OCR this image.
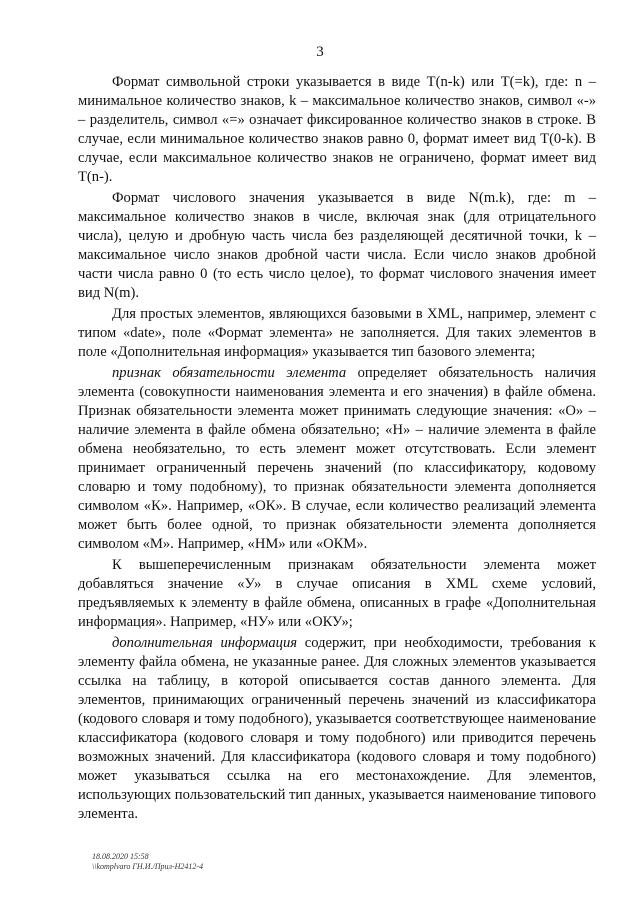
3

Формат символьной строки указывается в виде T(n-k) или T(=k), где: n – минимальное количество знаков, k – максимальное количество знаков, символ «-» – разделитель, символ «=» означает фиксированное количество знаков в строке. В случае, если минимальное количество знаков равно 0, формат имеет вид T(0-k). В случае, если максимальное количество знаков не ограничено, формат имеет вид T(n-).

Формат числового значения указывается в виде N(m.k), где: m – максимальное количество знаков в числе, включая знак (для отрицательного числа), целую и дробную часть числа без разделяющей десятичной точки, k – максимальное число знаков дробной части числа. Если число знаков дробной части числа равно 0 (то есть число целое), то формат числового значения имеет вид N(m).

Для простых элементов, являющихся базовыми в XML, например, элемент с типом «date», поле «Формат элемента» не заполняется. Для таких элементов в поле «Дополнительная информация» указывается тип базового элемента;

признак обязательности элемента определяет обязательность наличия элемента (совокупности наименования элемента и его значения) в файле обмена. Признак обязательности элемента может принимать следующие значения: «О» – наличие элемента в файле обмена обязательно; «Н» – наличие элемента в файле обмена необязательно, то есть элемент может отсутствовать. Если элемент принимает ограниченный перечень значений (по классификатору, кодовому словарю и тому подобному), то признак обязательности элемента дополняется символом «К». Например, «ОК». В случае, если количество реализаций элемента может быть более одной, то признак обязательности элемента дополняется символом «М». Например, «НМ» или «ОКМ».

К вышеперечисленным признакам обязательности элемента может добавляться значение «У» в случае описания в XML схеме условий, предъявляемых к элементу в файле обмена, описанных в графе «Дополнительная информация». Например, «НУ» или «ОКУ»;

дополнительная информация содержит, при необходимости, требования к элементу файла обмена, не указанные ранее. Для сложных элементов указывается ссылка на таблицу, в которой описывается состав данного элемента. Для элементов, принимающих ограниченный перечень значений из классификатора (кодового словаря и тому подобного), указывается соответствующее наименование классификатора (кодового словаря и тому подобного) или приводится перечень возможных значений. Для классификатора (кодового словаря и тому подобного) может указываться ссылка на его местонахождение. Для элементов, использующих пользовательский тип данных, указывается наименование типового элемента.

18.08.2020 15:58
\\komplvaro ГН.И./Прил-Н2412-4
